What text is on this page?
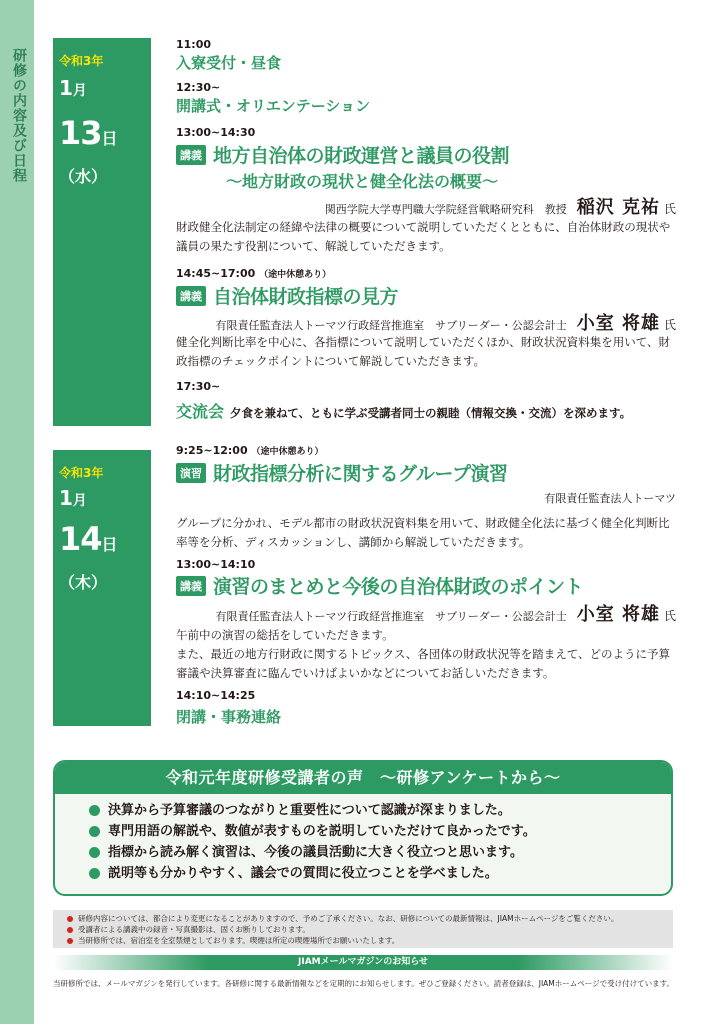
研修の内容及び日程	令和3年
1月
13日（水）
11:00
入寮受付・昼食
12:30~
開講式・オリエンテーション
13:00~14:30
講義 地方自治体の財政運営と議員の役割
～地方財政の現状と健全化法の概要～
関西学院大学専門職大学院経営戦略研究科　教授 稲沢 克祐 氏
財政健全化法制定の経緯や法律の概要について説明していただくとともに、自治体財政の現状や議員の果たす役割について、解説していただきます。
14:45~17:00 （途中休憩あり）
講義 自治体財政指標の見方
有限責任監査法人トーマツ行政経営推進室　サブリーダー・公認会計士 小室 将雄 氏
健全化判断比率を中心に、各指標について説明していただくほか、財政状況資料集を用いて、財政指標のチェックポイントについて解説していただきます。
17:30~
交流会 夕食を兼ねて、ともに学ぶ受講者同士の親睦（情報交換・交流）を深めます。
令和3年
1月
14日（木）
9:25~12:00 （途中休憩あり）
演習 財政指標分析に関するグループ演習
有限責任監査法人トーマツ
グループに分かれ、モデル都市の財政状況資料集を用いて、財政健全化法に基づく健全化判断比率等を分析、ディスカッションし、講師から解説していただきます。
13:00~14:10
講義 演習のまとめと今後の自治体財政のポイント
有限責任監査法人トーマツ行政経営推進室　サブリーダー・公認会計士 小室 将雄 氏
午前中の演習の総括をしていただきます。
また、最近の地方行財政に関するトピックス、各団体の財政状況等を踏まえて、どのように予算審議や決算審査に臨んでいけばよいかなどについてお話しいただきます。
14:10~14:25
閉講・事務連絡
令和元年度研修受講者の声　～研修アンケートから～
決算から予算審議のつながりと重要性について認識が深まりました。
専門用語の解説や、数値が表すものを説明していただけて良かったです。
指標から読み解く演習は、今後の議員活動に大きく役立つと思います。
説明等も分かりやすく、議会での質問に役立つことを学べました。

研修内容については、都合により変更になることがありますので、予めご了承ください。なお、研修についての最新情報は、JIAMホームページをご覧ください。

受講者による講義中の録音・写真撮影は、固くお断りしております。

当研修所では、宿泊室を全室禁煙としております。喫煙は所定の喫煙場所でお願いいたします。

JIAMメールマガジンのお知らせ
当研修所では、メールマガジンを発行しています。各研修に関する最新情報などを定期的にお知らせします。ぜひご登録ください。読者登録は、JIAMホームページで受け付けています。
